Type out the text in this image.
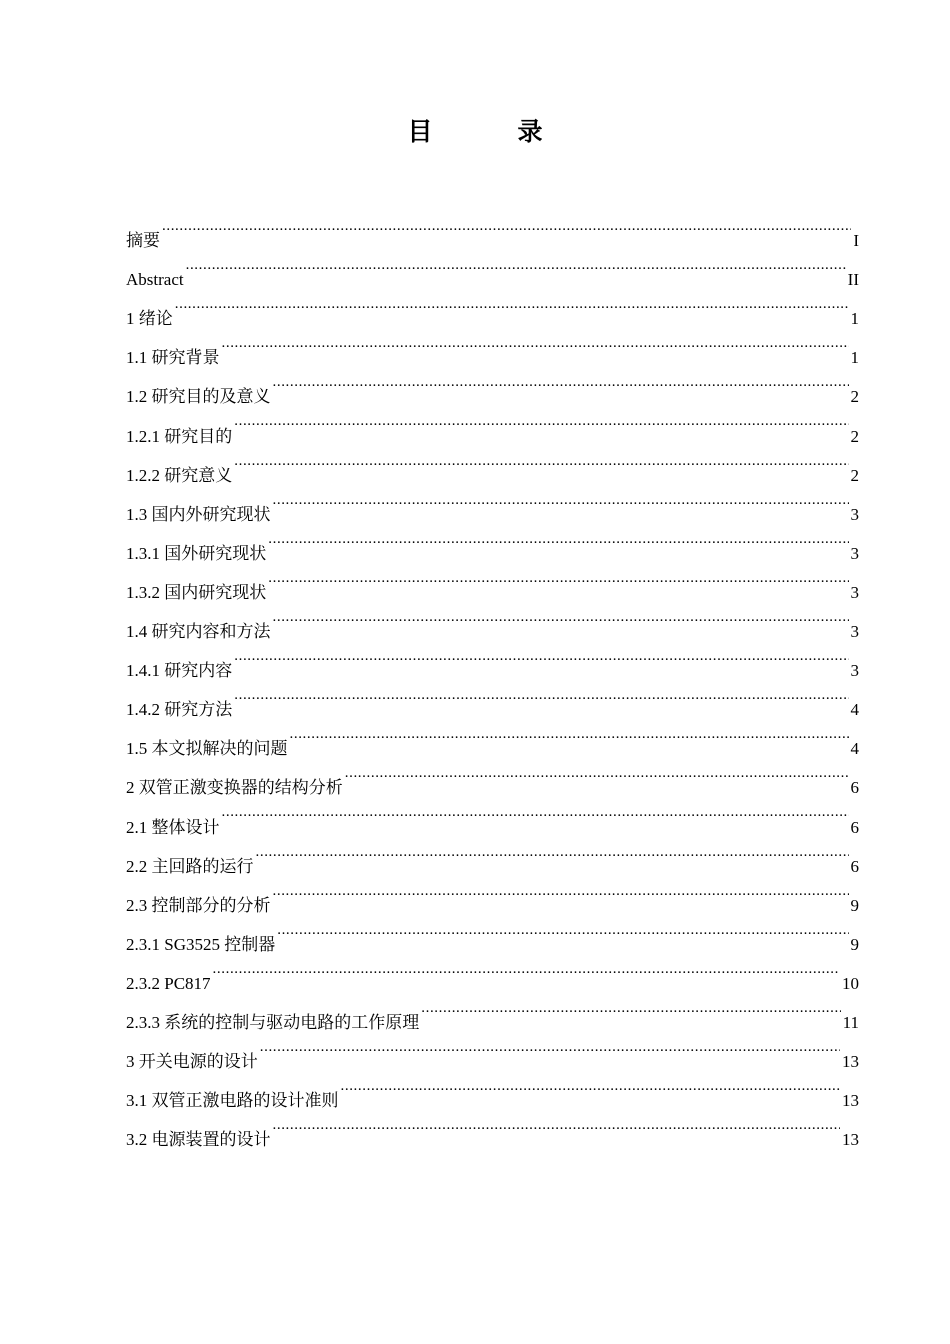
目　录
摘要 .....	I
Abstract .....	II
1 绪论 .....	1
1.1 研究背景 .....	1
1.2 研究目的及意义 .....	2
1.2.1 研究目的 .....	2
1.2.2 研究意义 .....	2
1.3 国内外研究现状 .....	3
1.3.1 国外研究现状 .....	3
1.3.2 国内研究现状 .....	3
1.4 研究内容和方法 .....	3
1.4.1 研究内容 .....	3
1.4.2 研究方法 .....	4
1.5 本文拟解决的问题 .....	4
2 双管正激变换器的结构分析 .....	6
2.1 整体设计 .....	6
2.2 主回路的运行 .....	6
2.3 控制部分的分析 .....	9
2.3.1 SG3525 控制器 .....	9
2.3.2 PC817 .....	10
2.3.3 系统的控制与驱动电路的工作原理 .....	11
3 开关电源的设计 .....	13
3.1 双管正激电路的设计准则 .....	13
3.2 电源装置的设计 .....	13
